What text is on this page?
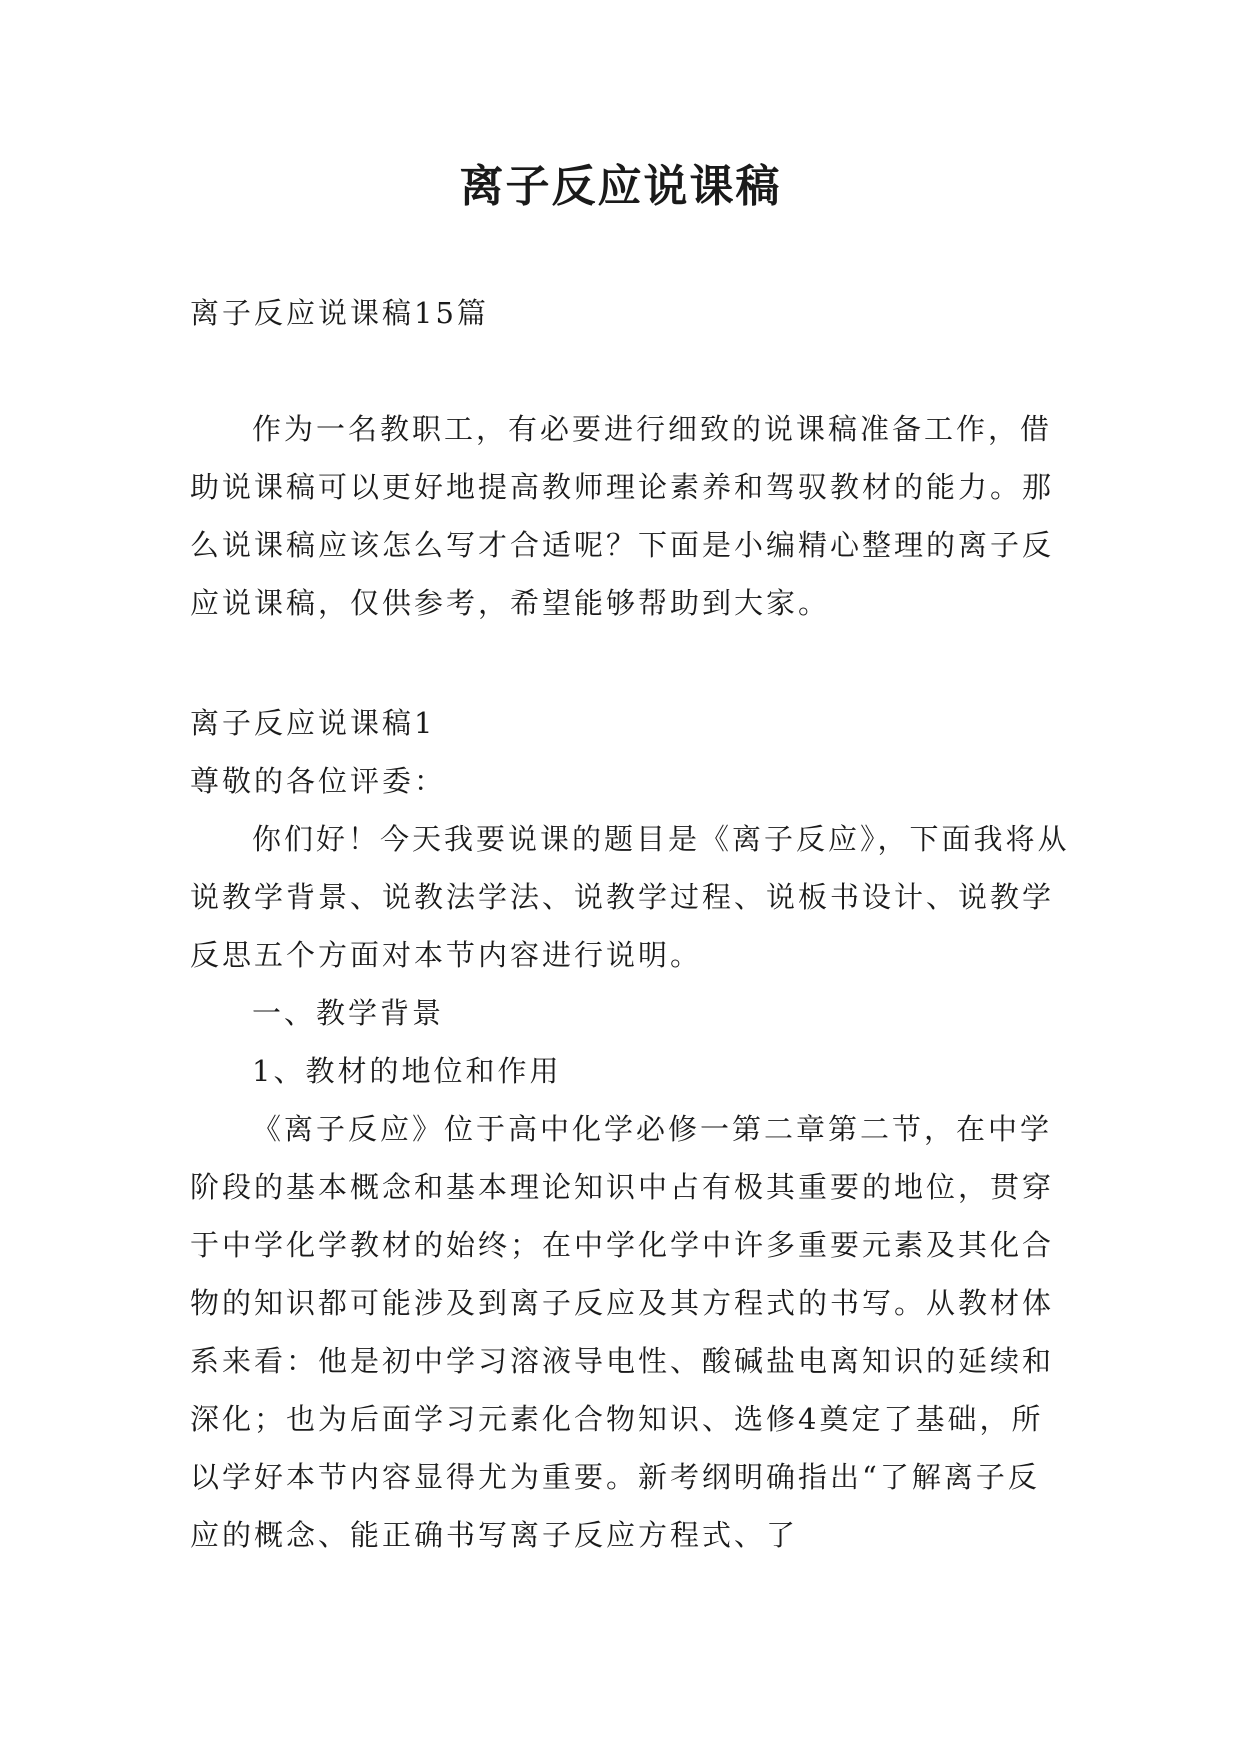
离子反应说课稿
离子反应说课稿15篇

作为一名教职工，有必要进行细致的说课稿准备工作，借助说课稿可以更好地提高教师理论素养和驾驭教材的能力。那么说课稿应该怎么写才合适呢？下面是小编精心整理的离子反应说课稿，仅供参考，希望能够帮助到大家。

离子反应说课稿1

尊敬的各位评委：

你们好！今天我要说课的题目是《离子反应》，下面我将从说教学背景、说教法学法、说教学过程、说板书设计、说教学反思五个方面对本节内容进行说明。

一、教学背景

1、教材的地位和作用

《离子反应》位于高中化学必修一第二章第二节，在中学阶段的基本概念和基本理论知识中占有极其重要的地位，贯穿于中学化学教材的始终；在中学化学中许多重要元素及其化合物的知识都可能涉及到离子反应及其方程式的书写。从教材体系来看：他是初中学习溶液导电性、酸碱盐电离知识的延续和深化；也为后面学习元素化合物知识、选修4奠定了基础，所以学好本节内容显得尤为重要。新考纲明确指出“了解离子反应的概念、能正确书写离子反应方程式、了
